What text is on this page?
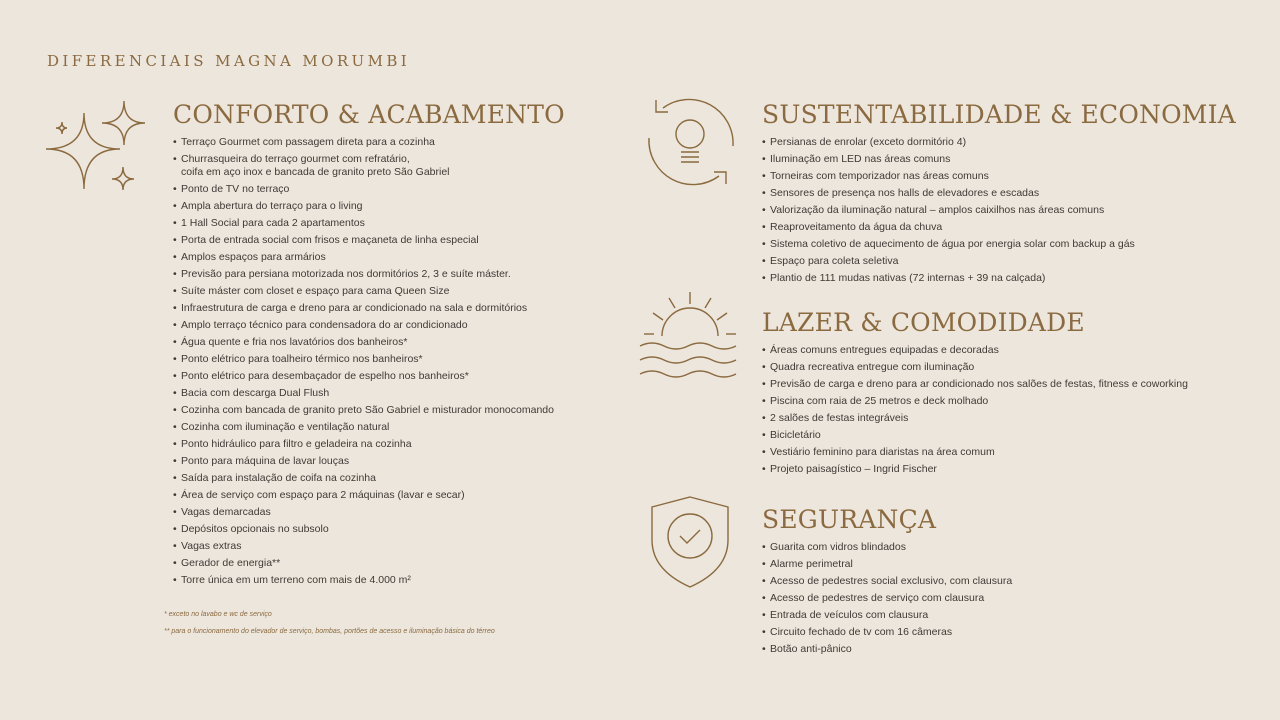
DIFERENCIAIS MAGNA MORUMBI
CONFORTO & ACABAMENTO
• Terraço Gourmet com passagem direta para a cozinha
• Churrasqueira do terraço gourmet com refratário,
coifa em aço inox e bancada de granito preto São Gabriel
• Ponto de TV no terraço
• Ampla abertura do terraço para o living
• 1 Hall Social para cada 2 apartamentos
• Porta de entrada social com frisos e maçaneta de linha especial
• Amplos espaços para armários
• Previsão para persiana motorizada nos dormitórios 2, 3 e suíte máster.
• Suíte máster com closet e espaço para cama Queen Size
• Infraestrutura de carga e dreno para ar condicionado na sala e dormitórios
• Amplo terraço técnico para condensadora do ar condicionado
• Água quente e fria nos lavatórios dos banheiros*
• Ponto elétrico para toalheiro térmico nos banheiros*
• Ponto elétrico para desembaçador de espelho nos banheiros*
• Bacia com descarga Dual Flush
• Cozinha com bancada de granito preto São Gabriel e misturador monocomando
• Cozinha com iluminação e ventilação natural
• Ponto hidráulico para filtro e geladeira na cozinha
• Ponto para máquina de lavar louças
• Saída para instalação de coifa na cozinha
• Área de serviço com espaço para 2 máquinas (lavar e secar)
• Vagas demarcadas
• Depósitos opcionais no subsolo
• Vagas extras
• Gerador de energia**
• Torre única em um terreno com mais de 4.000 m²
SUSTENTABILIDADE & ECONOMIA
• Persianas de enrolar (exceto dormitório 4)
• Iluminação em LED nas áreas comuns
• Torneiras com temporizador nas áreas comuns
• Sensores de presença nos halls de elevadores e escadas
• Valorização da iluminação natural – amplos caixilhos nas áreas comuns
• Reaproveitamento da água da chuva
• Sistema coletivo de aquecimento de água por energia solar com backup a gás
• Espaço para coleta seletiva
• Plantio de 111 mudas nativas (72 internas + 39 na calçada)
LAZER & COMODIDADE
• Áreas comuns entregues equipadas e decoradas
• Quadra recreativa entregue com iluminação
• Previsão de carga e dreno para ar condicionado nos salões de festas, fitness e coworking
• Piscina com raia de 25 metros e deck molhado
• 2 salões de festas integráveis
• Bicicletário
• Vestiário feminino para diaristas na área comum
• Projeto paisagístico – Ingrid Fischer
SEGURANÇA
• Guarita com vidros blindados
• Alarme perimetral
• Acesso de pedestres social exclusivo, com clausura
• Acesso de pedestres de serviço com clausura
• Entrada de veículos com clausura
• Circuito fechado de tv com 16 câmeras
• Botão anti-pânico
* exceto no lavabo e wc de serviço
** para o funcionamento do elevador de serviço, bombas, portões de acesso e iluminação básica do térreo
